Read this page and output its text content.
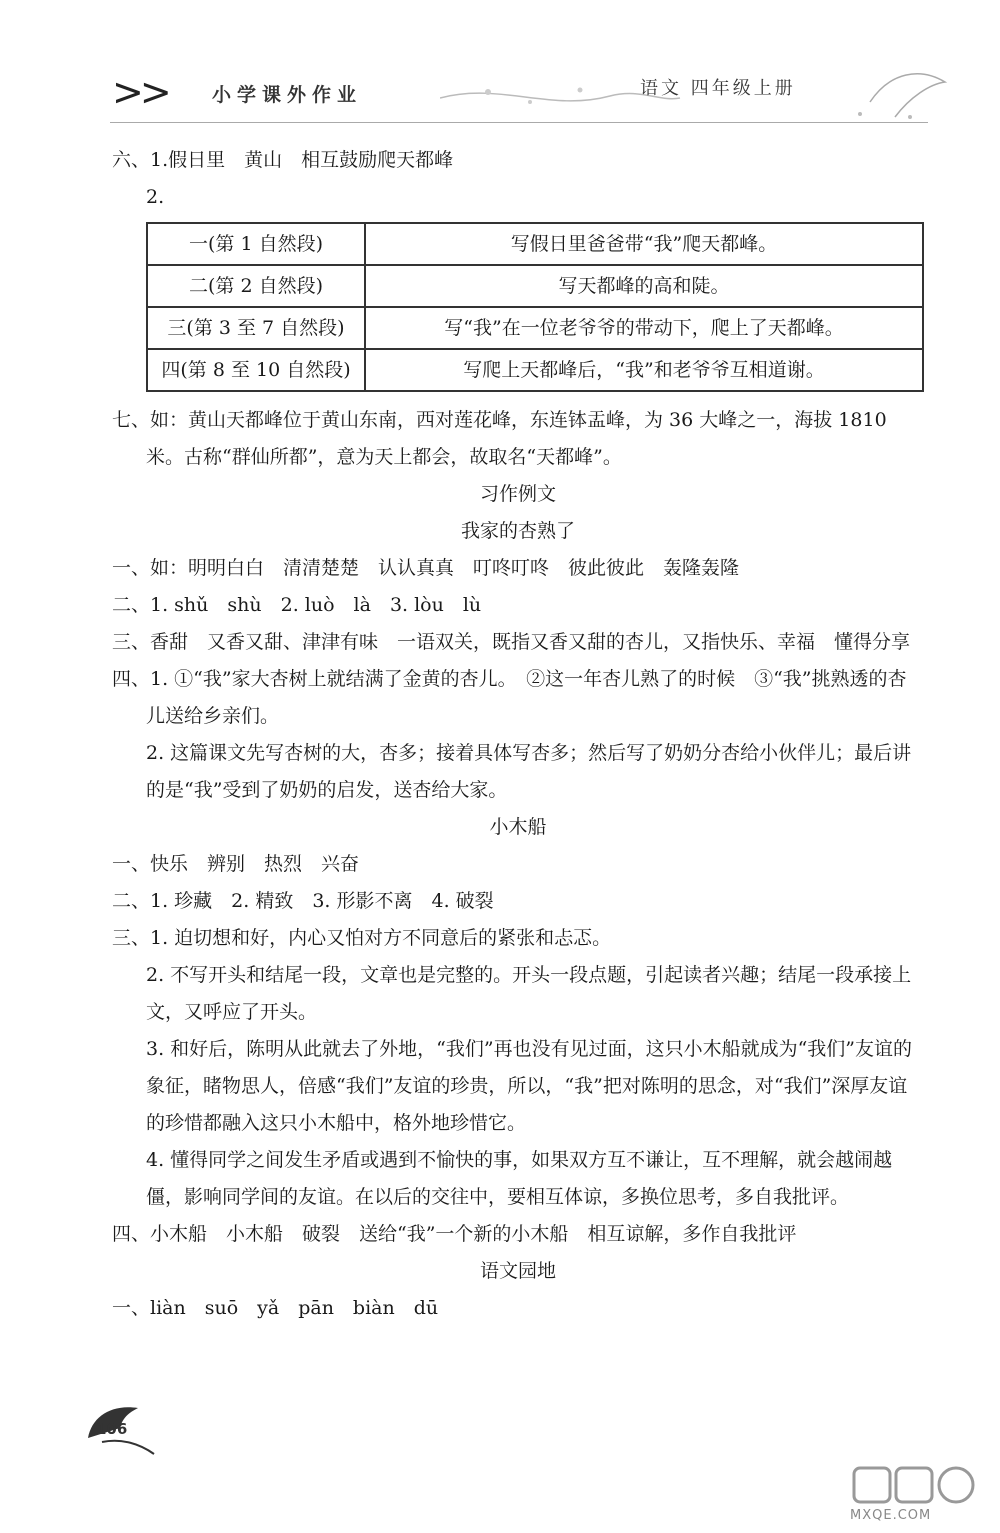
>> 小学课外作业	语文 四年级上册

六、1.假日里　黄山　相互鼓励爬天都峰

2.

一(第 1 自然段)	写假日里爸爸带“我”爬天都峰。
二(第 2 自然段)	写天都峰的高和陡。
三(第 3 至 7 自然段)	写“我”在一位老爷爷的带动下，爬上了天都峰。
四(第 8 至 10 自然段)	写爬上天都峰后，“我”和老爷爷互相道谢。

七、如：黄山天都峰位于黄山东南，西对莲花峰，东连钵盂峰，为 36 大峰之一，海拔 1810 米。古称“群仙所都”，意为天上都会，故取名“天都峰”。

习作例文

我家的杏熟了

一、如：明明白白　清清楚楚　认认真真　叮咚叮咚　彼此彼此　轰隆轰隆

二、1. shǔ　shù　2. luò　là　3. lòu　lù

三、香甜　又香又甜、津津有味　一语双关，既指又香又甜的杏儿，又指快乐、幸福　懂得分享

四、1. ①“我”家大杏树上就结满了金黄的杏儿。　②这一年杏儿熟了的时候　③“我”挑熟透的杏儿送给乡亲们。

2. 这篇课文先写杏树的大，杏多；接着具体写杏多；然后写了奶奶分杏给小伙伴儿；最后讲的是“我”受到了奶奶的启发，送杏给大家。

小木船

一、快乐　辨别　热烈　兴奋

二、1. 珍藏　2. 精致　3. 形影不离　4. 破裂

三、1. 迫切想和好，内心又怕对方不同意后的紧张和忐忑。

2. 不写开头和结尾一段，文章也是完整的。开头一段点题，引起读者兴趣；结尾一段承接上文，又呼应了开头。

3. 和好后，陈明从此就去了外地，“我们”再也没有见过面，这只小木船就成为“我们”友谊的象征，睹物思人，倍感“我们”友谊的珍贵，所以，“我”把对陈明的思念，对“我们”深厚友谊的珍惜都融入这只小木船中，格外地珍惜它。

4. 懂得同学之间发生矛盾或遇到不愉快的事，如果双方互不谦让，互不理解，就会越闹越僵，影响同学间的友谊。在以后的交往中，要相互体谅，多换位思考，多自我批评。

四、小木船　小木船　破裂　送给“我”一个新的小木船　相互谅解，多作自我批评

语文园地

一、liàn　suō　yǎ　pān　biàn　dū

106
MXQE.COM
